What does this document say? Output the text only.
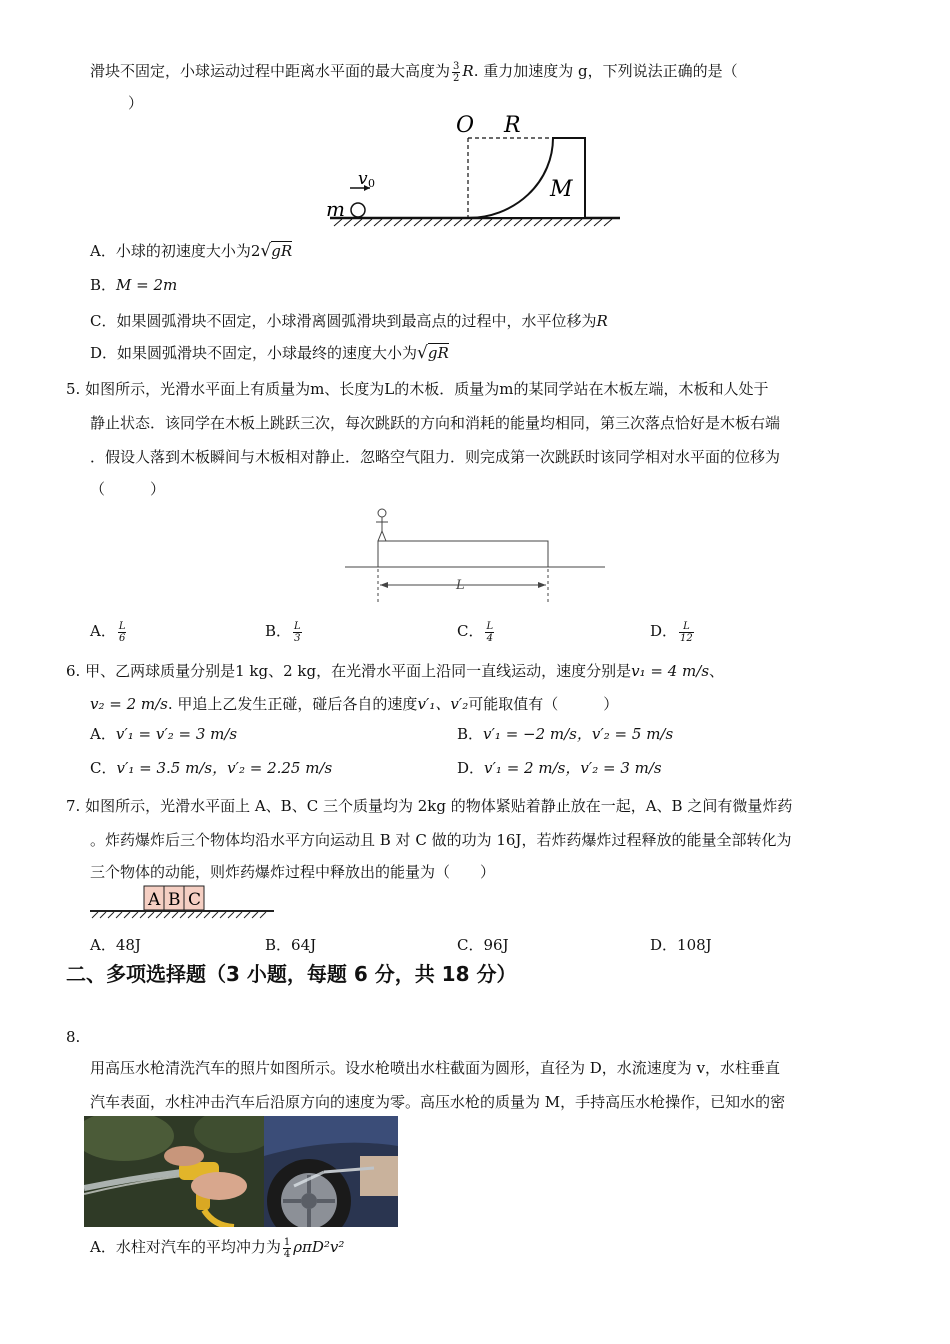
滑块不固定，小球运动过程中距离水平面的最大高度为 $\frac{3}{2} R$. 重力加速度为 g，下列说法正确的是（
）
O R
M
v 0
m
A．小球的初速度大小为2√gR
B．M = 2m
C．如果圆弧滑块不固定，小球滑离圆弧滑块到最高点的过程中，水平位移为R
D．如果圆弧滑块不固定，小球最终的速度大小为√gR
5. 如图所示，光滑水平面上有质量为m、长度为L的木板．质量为m的某同学站在木板左端，木板和人处于
静止状态．该同学在木板上跳跃三次，每次跳跃的方向和消耗的能量均相同，第三次落点恰好是木板右端
．假设人落到木板瞬间与木板相对静止．忽略空气阻力．则完成第一次跳跃时该同学相对水平面的位移为
（　　　）
L
A． $\frac{L}{6}$	B． $\frac{L}{3}$	C． $\frac{L}{4}$	D． $\frac{L}{12}$
6. 甲、乙两球质量分别是1 kg、2 kg，在光滑水平面上沿同一直线运动，速度分别是v₁ = 4 m/s、
v₂ = 2 m/s. 甲追上乙发生正碰，碰后各自的速度v′₁、v′₂可能取值有（　　　）
A．v′₁ = v′₂ = 3 m/s	B．v′₁ = −2 m/s，v′₂ = 5 m/s
C．v′₁ = 3.5 m/s，v′₂ = 2.25 m/s	D．v′₁ = 2 m/s，v′₂ = 3 m/s
7. 如图所示，光滑水平面上 A、B、C 三个质量均为 2kg 的物体紧贴着静止放在一起，A、B 之间有微量炸药
。炸药爆炸后三个物体均沿水平方向运动且 B 对 C 做的功为 16J，若炸药爆炸过程释放的能量全部转化为
三个物体的动能，则炸药爆炸过程中释放出的能量为（　　）
A B C
A．48J	B．64J	C．96J	D．108J
二、多项选择题（3 小题，每题 6 分，共 18 分）
8.
用高压水枪清洗汽车的照片如图所示。设水枪喷出水柱截面为圆形，直径为 D，水流速度为 v，水柱垂直
汽车表面，水柱冲击汽车后沿原方向的速度为零。高压水枪的质量为 M，手持高压水枪操作，已知水的密
A．水柱对汽车的平均冲力为 $\frac{1}{4} \rho\pi D^2v^2$
